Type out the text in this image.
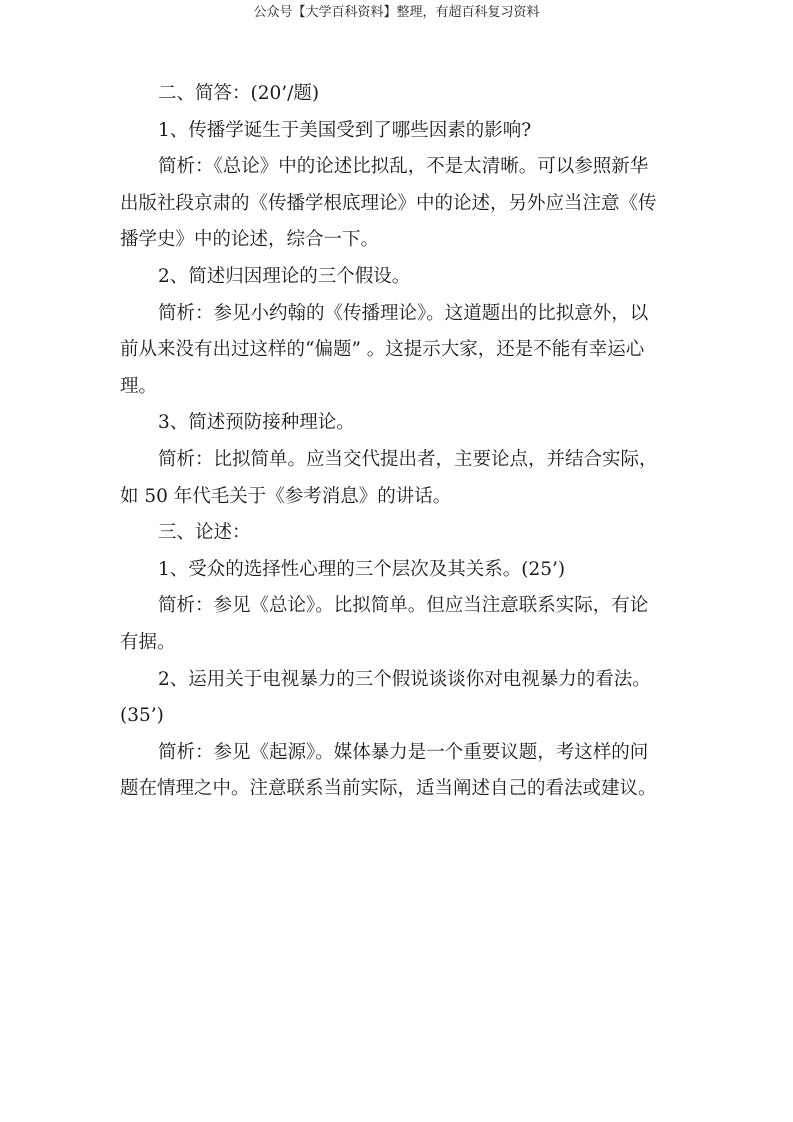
公众号【大学百科资料】整理，有超百科复习资料

二、简答：(20’/题)

1、传播学诞生于美国受到了哪些因素的影响?

简析：《总论》中的论述比拟乱，不是太清晰。可以参照新华

出版社段京肃的《传播学根底理论》中的论述，另外应当注意《传

播学史》中的论述，综合一下。

2、简述归因理论的三个假设。

简析：参见小约翰的《传播理论》。这道题出的比拟意外，以

前从来没有出过这样的“偏题” 。这提示大家，还是不能有幸运心

理。

3、简述预防接种理论。

简析：比拟简单。应当交代提出者，主要论点，并结合实际，

如 50 年代毛关于《参考消息》的讲话。

三、论述：

1、受众的选择性心理的三个层次及其关系。(25’)

简析：参见《总论》。比拟简单。但应当注意联系实际，有论

有据。

2、运用关于电视暴力的三个假说谈谈你对电视暴力的看法。

(35’)

简析：参见《起源》。媒体暴力是一个重要议题，考这样的问

题在情理之中。注意联系当前实际，适当阐述自己的看法或建议。
